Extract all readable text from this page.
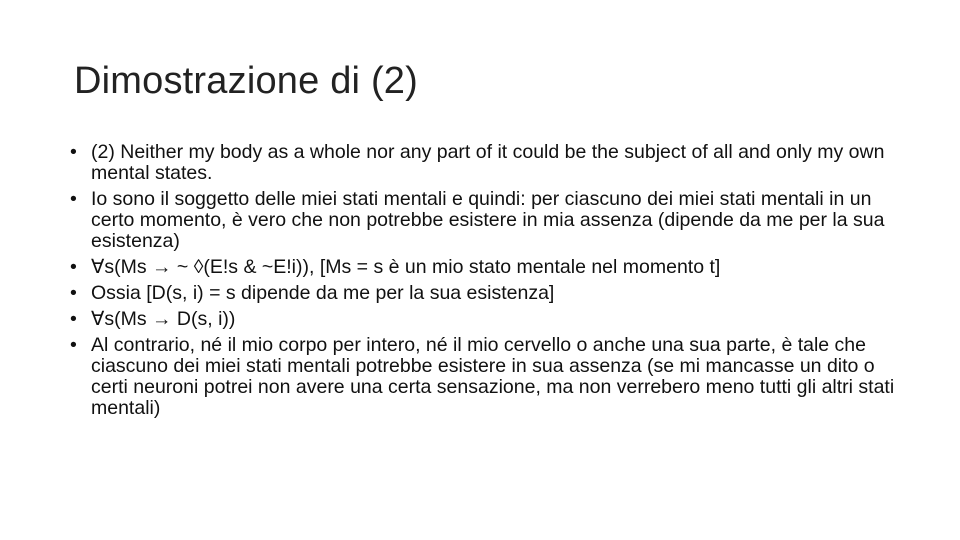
Dimostrazione di (2)
• (2) Neither my body as a whole nor any part of it could be the subject of all and only my own mental states.
• Io sono il soggetto delle miei stati mentali e quindi: per ciascuno dei miei stati mentali in un certo momento, è vero che non potrebbe esistere in mia assenza (dipende da me per la sua esistenza)
• ∀s(Ms → ~ ◊(E!s & ~E!i)), [Ms = s è un mio stato mentale nel momento t]
• Ossia [D(s, i) = s dipende da me per la sua esistenza]
• ∀s(Ms → D(s, i))
• Al contrario, né il mio corpo per intero, né il mio cervello o anche una sua parte, è tale che ciascuno dei miei stati mentali potrebbe esistere in sua assenza (se mi mancasse un dito o certi neuroni potrei non avere una certa sensazione, ma non verrebero meno tutti gli altri stati mentali)
